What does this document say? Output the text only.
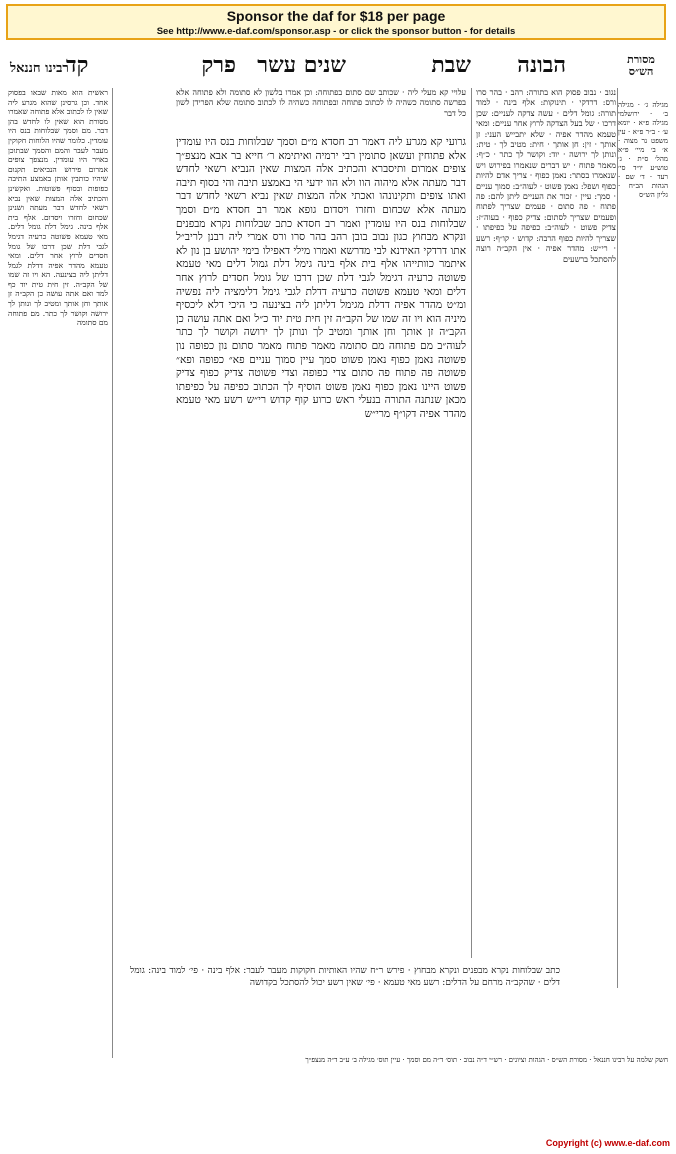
Sponsor the daf for $18 per page
See http://www.e-daf.com/sponsor.asp - or click the sponsor button - for details
הבונה
פרק שנים עשר	שבת
קד	מסורת הש״ס
רבינו חננאל
עלויי קא מעלי ליה · שכותב שם סתום בפתוחה: וכן אמרו בלשון לא סתומה ולא פתוחה אלא בפרשה סתומה כשהיה לו לכתוב פתוחה ובפתוחה כשהיה לו לכתוב סתומה שלא הפרידן לשון כל דבר
גרועי קא מגרע ליה דאמר רב חסדא מ״ם וסמך שבלוחות בנס היו עומדין אלא פתוחין ועשאן סתומין רבי ירמיה ואיתימא ר׳ חייא בר אבא מנצפ״ך צופים אמרום ותיסברא והכתיב אלה המצות שאין הנביא רשאי לחדש דבר מעתה אלא מיהוה הוו ולא הוו ידעי הי באמצע תיבה והי בסוף תיבה ואתו צופים ותקינונהו ואכתי אלה המצות שאין נביא רשאי לחדש דבר מעתה אלא שכחום וחזרו ויסדום גופא אמר רב חסדא מ״ם וסמך שבלוחות בנס היו עומדין ואמר רב חסדא כתב שבלוחות נקרא מבפנים ונקרא מבחוץ כגון נבוב בובן רהב בהר סרו ורס אמרי ליה רבנן לריב״ל אתו דרדקי האידנא לבי מדרשא ואמרו מילי דאפילו בימי יהושע בן נון לא איתמר כוותייהו אלף בית אלף בינה גימל דלת גמול דלים מאי טעמא פשוטה כרעיה דגימל לגבי דלת שכן דרכו של גומל חסדים לרוץ אחר דלים ומאי טעמא פשוטה כרעיה דדלת לגבי גימל דלימציה ליה נפשיה ומ״ט מהדר אפיה דדלת מגימל דליתן ליה בצינעה כי היכי דלא ליכסיף מיניה הוא ויו זה שמו של הקב״ה זין חית טית יוד כ״ל ואם אתה עושה כן הקב״ה זן אותך וחן אותך ומטיב לך ונותן לך ירושה וקושר לך כתר לעוה״ב מם פתוחה מם סתומה מאמר פתוח מאמר סתום נון כפופה נון פשוטה נאמן כפוף נאמן פשוט סמך עיין סמוך עניים פא״ כפופה ופא״ פשוטה פה פתוח פה סתום צדי כפופה וצדי פשוטה צדיק כפוף צדיק פשוט היינו נאמן כפוף נאמן פשוט הוסיף לך הכתוב כפיפה על כפיפתו מכאן שנתנה התורה בנעלי ראש כרוע קוף קדוש רי״ש רשע מאי טעמא מהדר אפיה דקו״ף מרי״ש
נגוב · נבוב פסוק הוא בתורה: רהב · בהר סרו ורס: דרדקי · תינוקות: אלף בינה · למוד תורה: גומל דלים · עשה צדקה לעניים: שכן דרכו · של בעל הצדקה לרוץ אחר עניים: ומאי טעמא מהדר אפיה · שלא יתבייש העני: זן אותך · זין: חן אותך · חית: מטיב לך · טית: ונותן לך ירושה · יוד: וקושר לך כתר · כ״ף: מאמר פתוח · יש דברים שנאמרו בפירוש ויש שנאמרו בסתר: נאמן כפוף · צריך אדם להיות כפוף ושפל: נאמן פשוט · לעוה״ב: סמוך עניים · סמך: עיין · זכור את העניים ליתן להם: פה פתוח · פה סתום · פעמים שצריך לפתוח ופעמים שצריך לסתום: צדיק כפוף · בעוה״ז: צדיק פשוט · לעוה״ב: כפיפה על כפיפתו · שצריך להיות כפוף הרבה: קדוש · קו״ף: רשע · רי״ש: מהדר אפיה · אין הקב״ה רוצה להסתכל ברשעים
ראשית הוא מאות שבאו בפסוק אחד. וכן גרסינן שהוא מגרע ליה שאין לו לכתוב אלא פתוחה שאמרו מסורת הוא שאין לו לחדש בהן דבר. מם וסמך שבלוחות בנס היו עומדין. כלומר שהיו הלוחות חקוקין מעבר לעבר והמם והסמך שבתוכן באויר היו עומדין. מנצפך צופים אמרום פירוש הנביאים תקנום שיהיו כותבין אותן באמצע התיבה כפופות ובסוף פשוטות. ואקשינן והכתיב אלה המצות שאין נביא רשאי לחדש דבר מעתה ושנינן שכחום וחזרו ויסדום. אלף בית אלף בינה. גימל דלת גומל דלים. מאי טעמא פשוטה כרעיה דגימל לגבי דלת שכן דרכו של גומל חסדים לרוץ אחר דלים. ומאי טעמא מהדר אפיה דדלת לגמל דליתן ליה בצינעה. הא ויו זה שמו של הקב״ה. זין חית טית יוד כף למד ואם אתה עושה כן הקב״ה זן אותך וחן אותך ומטיב לך ונותן לך ירושה וקושר לך כתר. מם פתוחה מם סתומה
מגילה ג׳ · מגילה ב׳ · ירושלמי מגילה פ״א · יומא ע׳ · ב״ר פ״א · עין משפט נר מצוה · א׳ ב׳ מיי׳ פ״א מהל׳ ס״ת · ג׳ טוש״ע יו״ד סי׳ רעד · ד׳ שם · הגהות הב״ח · גליון הש״ס
כתב שבלוחות נקרא מבפנים ונקרא מבחוץ · פירש ר״ח שהיו האותיות חקוקות מעבר לעבר: אלף בינה · פי׳ למוד בינה: גומל דלים · שהקב״ה מרחם על הדלים: רשע מאי טעמא · פי׳ שאין רשע יכול להסתכל בקדושה
חשק שלמה על רבינו חננאל · מסורת הש״ס · הגהות וציונים · רש״י ד״ה נבוב · תוס׳ ד״ה מם וסמך · עיין תוס׳ מגילה ב׳ ע״ב ד״ה מנצפ״ך
Copyright (c) www.e-daf.com
